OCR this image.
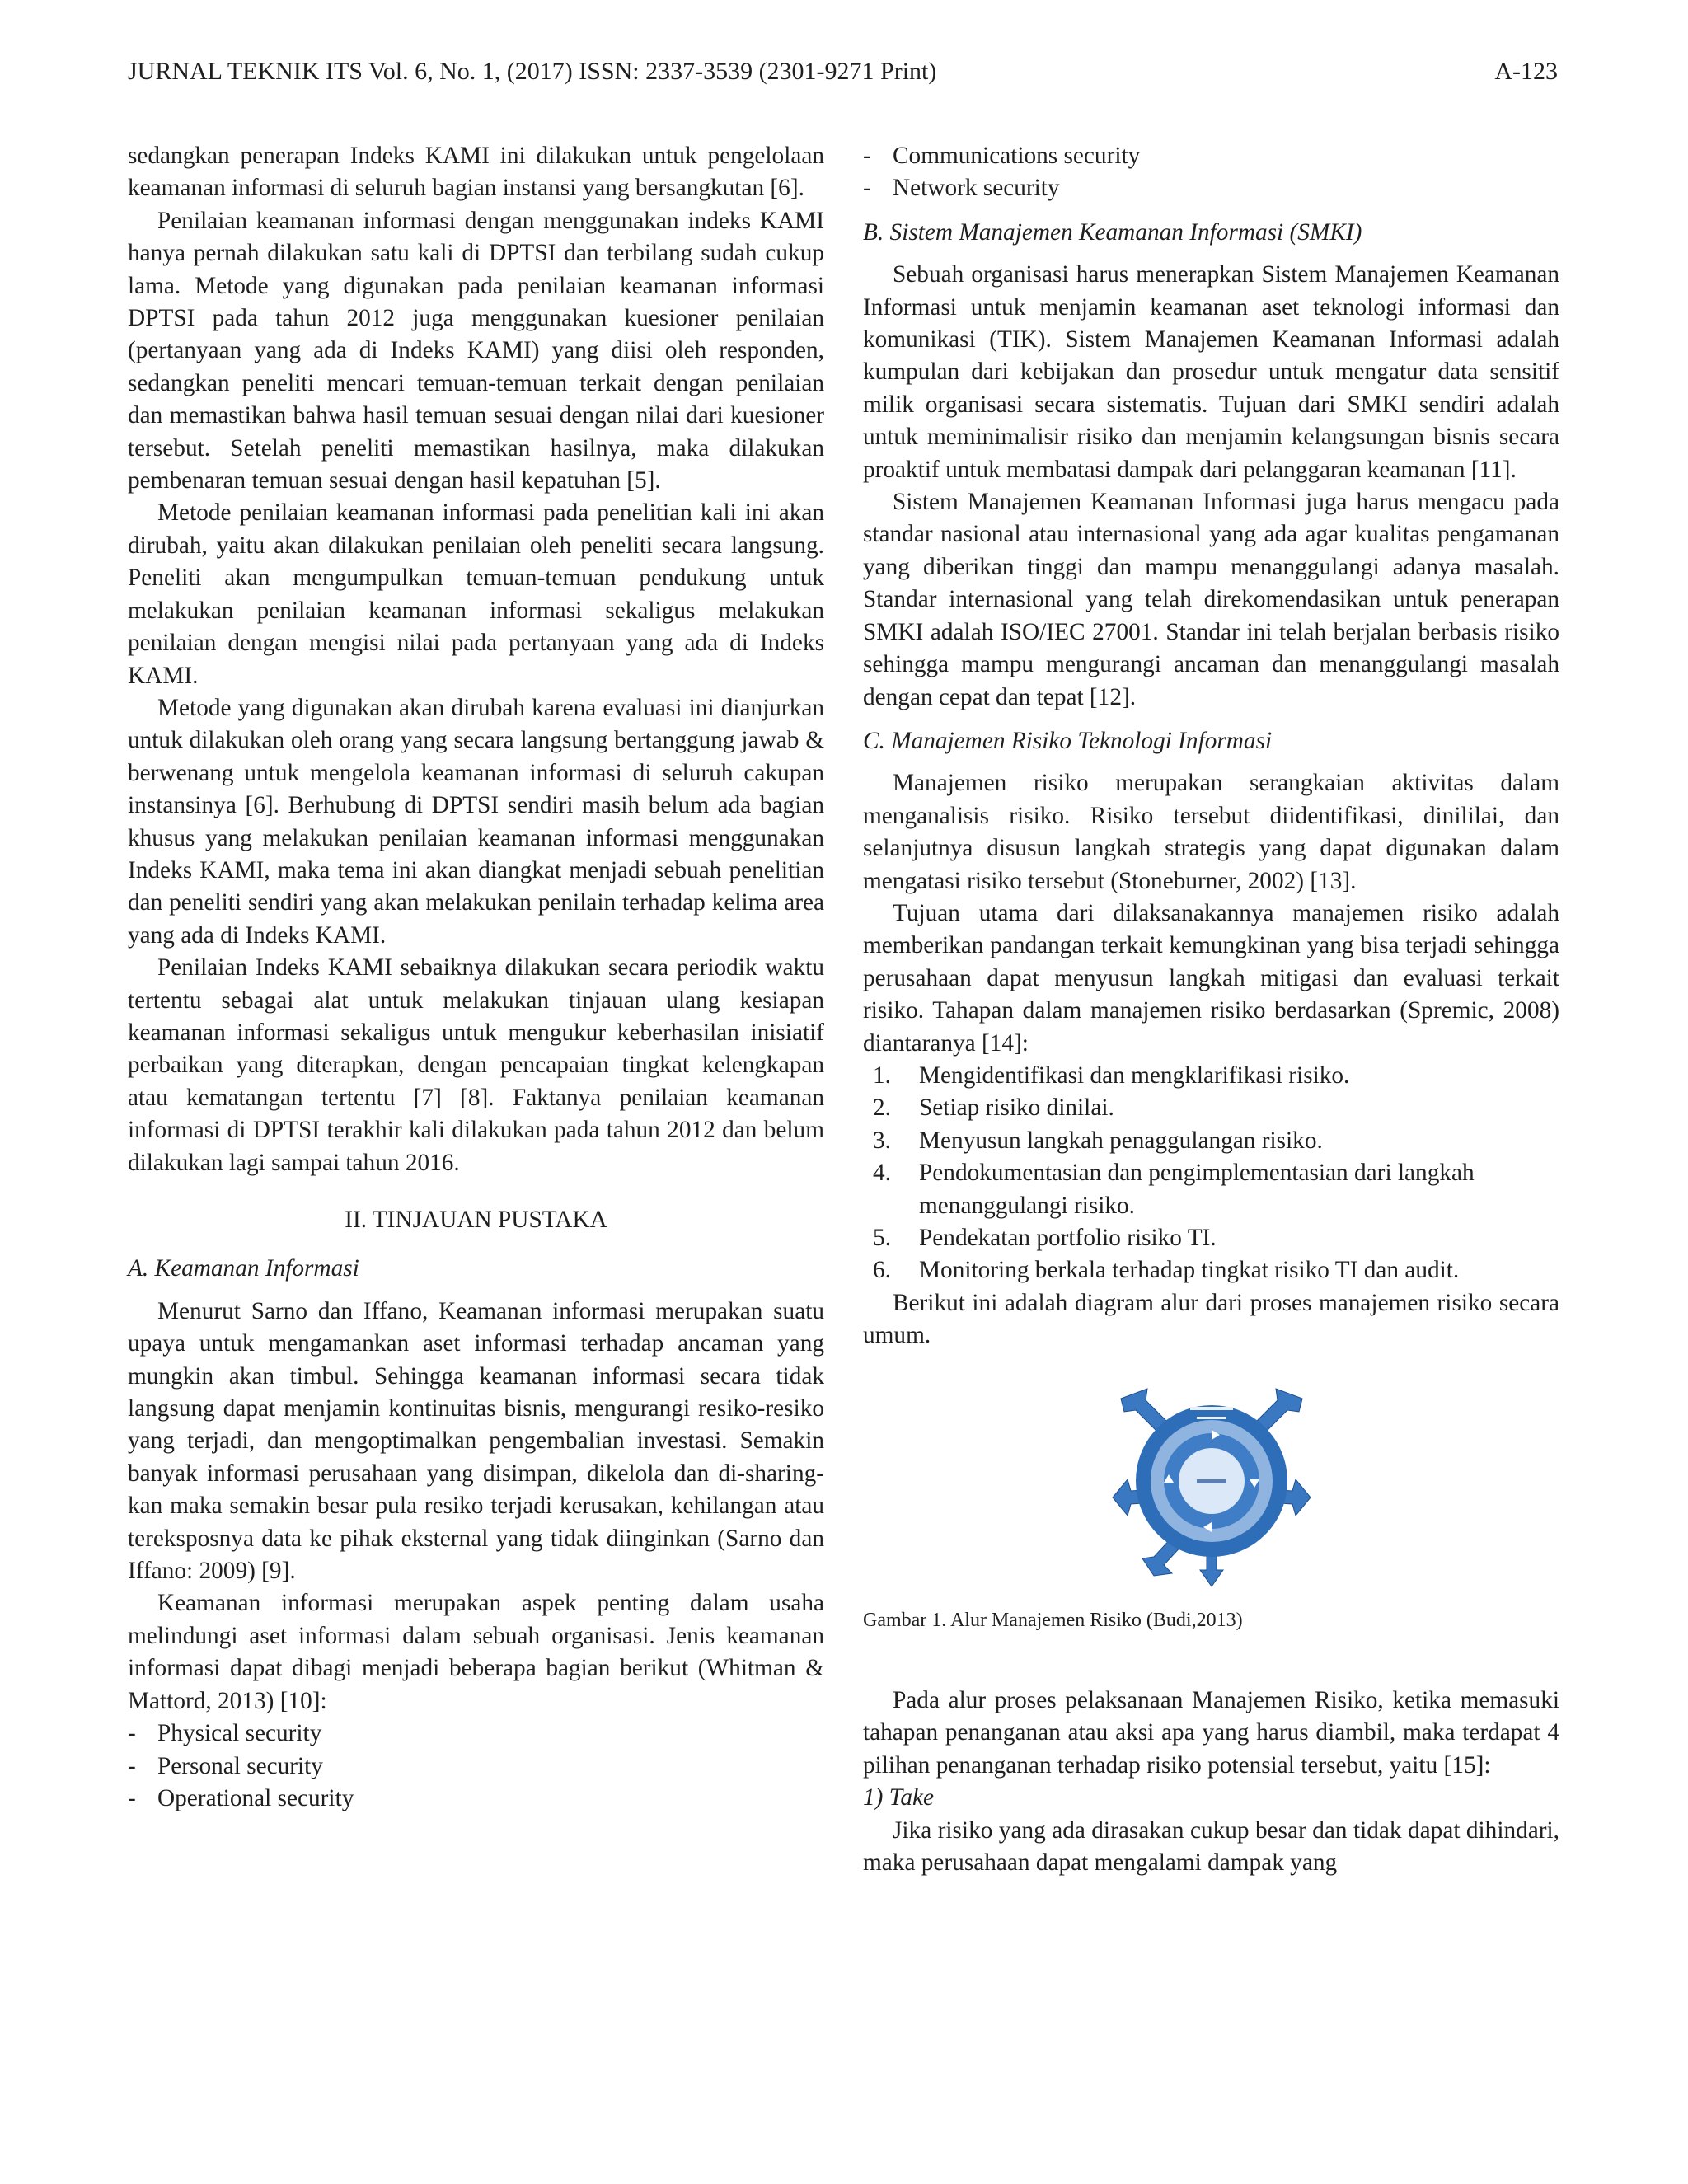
JURNAL TEKNIK ITS Vol. 6, No. 1, (2017) ISSN: 2337-3539 (2301-9271 Print)	A-123

sedangkan penerapan Indeks KAMI ini dilakukan untuk pengelolaan keamanan informasi di seluruh bagian instansi yang bersangkutan [6].

Penilaian keamanan informasi dengan menggunakan indeks KAMI hanya pernah dilakukan satu kali di DPTSI dan terbilang sudah cukup lama. Metode yang digunakan pada penilaian keamanan informasi DPTSI pada tahun 2012 juga menggunakan kuesioner penilaian (pertanyaan yang ada di Indeks KAMI) yang diisi oleh responden, sedangkan peneliti mencari temuan-temuan terkait dengan penilaian dan memastikan bahwa hasil temuan sesuai dengan nilai dari kuesioner tersebut. Setelah peneliti memastikan hasilnya, maka dilakukan pembenaran temuan sesuai dengan hasil kepatuhan [5].

Metode penilaian keamanan informasi pada penelitian kali ini akan dirubah, yaitu akan dilakukan penilaian oleh peneliti secara langsung. Peneliti akan mengumpulkan temuan-temuan pendukung untuk melakukan penilaian keamanan informasi sekaligus melakukan penilaian dengan mengisi nilai pada pertanyaan yang ada di Indeks KAMI.

Metode yang digunakan akan dirubah karena evaluasi ini dianjurkan untuk dilakukan oleh orang yang secara langsung bertanggung jawab & berwenang untuk mengelola keamanan informasi di seluruh cakupan instansinya [6]. Berhubung di DPTSI sendiri masih belum ada bagian khusus yang melakukan penilaian keamanan informasi menggunakan Indeks KAMI, maka tema ini akan diangkat menjadi sebuah penelitian dan peneliti sendiri yang akan melakukan penilain terhadap kelima area yang ada di Indeks KAMI.

Penilaian Indeks KAMI sebaiknya dilakukan secara periodik waktu tertentu sebagai alat untuk melakukan tinjauan ulang kesiapan keamanan informasi sekaligus untuk mengukur keberhasilan inisiatif perbaikan yang diterapkan, dengan pencapaian tingkat kelengkapan atau kematangan tertentu [7] [8]. Faktanya penilaian keamanan informasi di DPTSI terakhir kali dilakukan pada tahun 2012 dan belum dilakukan lagi sampai tahun 2016.

II. TINJAUAN PUSTAKA
A. Keamanan Informasi

Menurut Sarno dan Iffano, Keamanan informasi merupakan suatu upaya untuk mengamankan aset informasi terhadap ancaman yang mungkin akan timbul. Sehingga keamanan informasi secara tidak langsung dapat menjamin kontinuitas bisnis, mengurangi resiko-resiko yang terjadi, dan mengoptimalkan pengembalian investasi. Semakin banyak informasi perusahaan yang disimpan, dikelola dan di-sharing-kan maka semakin besar pula resiko terjadi kerusakan, kehilangan atau tereksposnya data ke pihak eksternal yang tidak diinginkan (Sarno dan Iffano: 2009) [9].

Keamanan informasi merupakan aspek penting dalam usaha melindungi aset informasi dalam sebuah organisasi. Jenis keamanan informasi dapat dibagi menjadi beberapa bagian berikut (Whitman & Mattord, 2013) [10]:

- Physical security
- Personal security
- Operational security
- Communications security
- Network security
B. Sistem Manajemen Keamanan Informasi (SMKI)

Sebuah organisasi harus menerapkan Sistem Manajemen Keamanan Informasi untuk menjamin keamanan aset teknologi informasi dan komunikasi (TIK). Sistem Manajemen Keamanan Informasi adalah kumpulan dari kebijakan dan prosedur untuk mengatur data sensitif milik organisasi secara sistematis. Tujuan dari SMKI sendiri adalah untuk meminimalisir risiko dan menjamin kelangsungan bisnis secara proaktif untuk membatasi dampak dari pelanggaran keamanan [11].

Sistem Manajemen Keamanan Informasi juga harus mengacu pada standar nasional atau internasional yang ada agar kualitas pengamanan yang diberikan tinggi dan mampu menanggulangi adanya masalah. Standar internasional yang telah direkomendasikan untuk penerapan SMKI adalah ISO/IEC 27001. Standar ini telah berjalan berbasis risiko sehingga mampu mengurangi ancaman dan menanggulangi masalah dengan cepat dan tepat [12].

C. Manajemen Risiko Teknologi Informasi

Manajemen risiko merupakan serangkaian aktivitas dalam menganalisis risiko. Risiko tersebut diidentifikasi, dinililai, dan selanjutnya disusun langkah strategis yang dapat digunakan dalam mengatasi risiko tersebut (Stoneburner, 2002) [13].

Tujuan utama dari dilaksanakannya manajemen risiko adalah memberikan pandangan terkait kemungkinan yang bisa terjadi sehingga perusahaan dapat menyusun langkah mitigasi dan evaluasi terkait risiko. Tahapan dalam manajemen risiko berdasarkan (Spremic, 2008) diantaranya [14]:

1. Mengidentifikasi dan mengklarifikasi risiko.
2. Setiap risiko dinilai.
3. Menyusun langkah penaggulangan risiko.
4. Pendokumentasian dan pengimplementasian dari langkah menanggulangi risiko.
5. Pendekatan portfolio risiko TI.
6. Monitoring berkala terhadap tingkat risiko TI dan audit.

Berikut ini adalah diagram alur dari proses manajemen risiko secara umum.

Gambar 1. Alur Manajemen Risiko (Budi,2013)

Pada alur proses pelaksanaan Manajemen Risiko, ketika memasuki tahapan penanganan atau aksi apa yang harus diambil, maka terdapat 4 pilihan penanganan terhadap risiko potensial tersebut, yaitu [15]:

1) Take

Jika risiko yang ada dirasakan cukup besar dan tidak dapat dihindari, maka perusahaan dapat mengalami dampak yang
